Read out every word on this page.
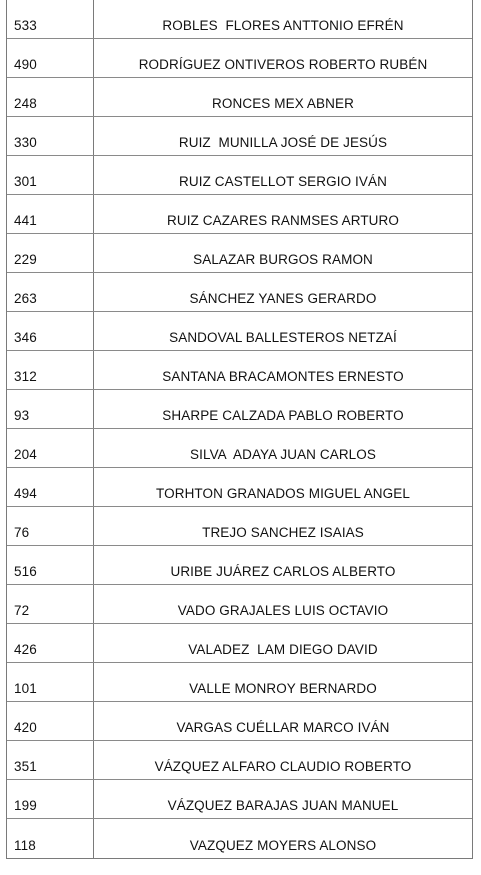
533	ROBLES  FLORES ANTTONIO EFRÉN
490	RODRÍGUEZ ONTIVEROS ROBERTO RUBÉN
248	RONCES MEX ABNER
330	RUIZ  MUNILLA JOSÉ DE JESÚS
301	RUIZ CASTELLOT SERGIO IVÁN
441	RUIZ CAZARES RANMSES ARTURO
229	SALAZAR BURGOS RAMON
263	SÁNCHEZ YANES GERARDO
346	SANDOVAL BALLESTEROS NETZAÍ
312	SANTANA BRACAMONTES ERNESTO
93	SHARPE CALZADA PABLO ROBERTO
204	SILVA  ADAYA JUAN CARLOS
494	TORHTON GRANADOS MIGUEL ANGEL
76	TREJO SANCHEZ ISAIAS
516	URIBE JUÁREZ CARLOS ALBERTO
72	VADO GRAJALES LUIS OCTAVIO
426	VALADEZ  LAM DIEGO DAVID
101	VALLE MONROY BERNARDO
420	VARGAS CUÉLLAR MARCO IVÁN
351	VÁZQUEZ ALFARO CLAUDIO ROBERTO
199	VÁZQUEZ BARAJAS JUAN MANUEL
118	VAZQUEZ MOYERS ALONSO
